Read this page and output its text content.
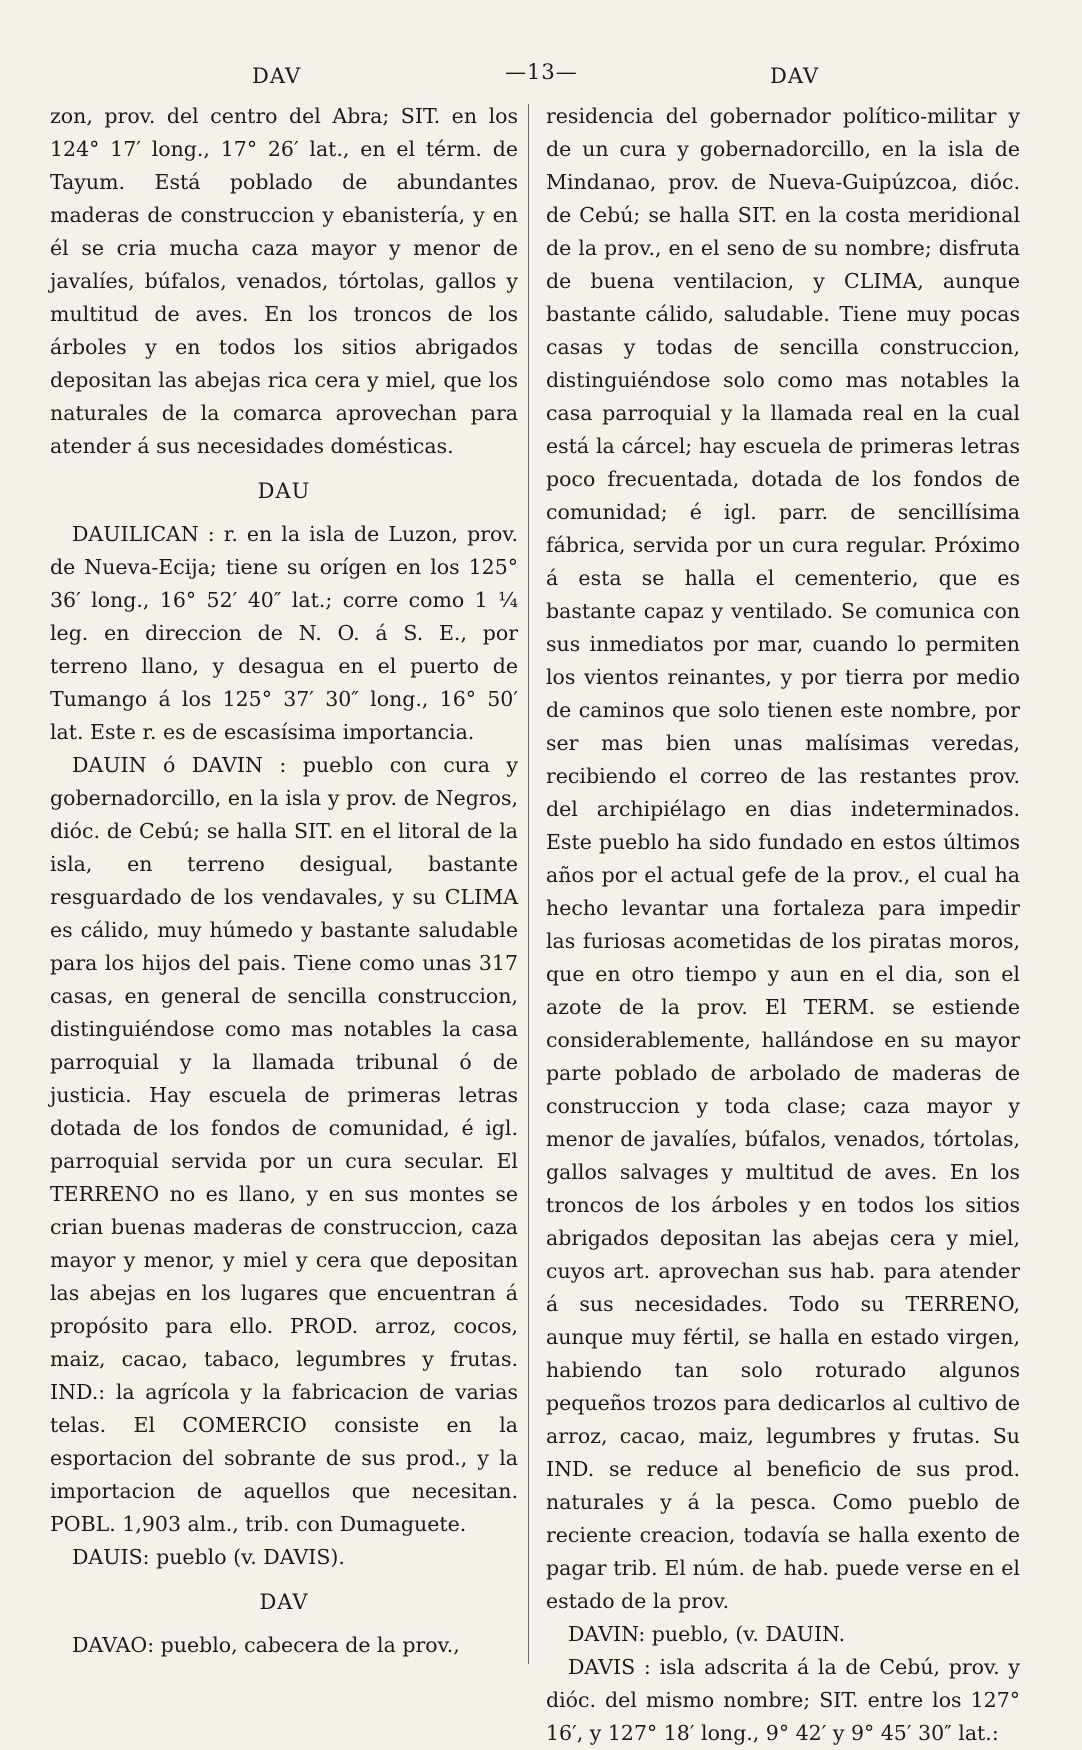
DAV	—13—	DAV

zon, prov. del centro del Abra; SIT. en los 124° 17′ long., 17° 26′ lat., en el térm. de Tayum. Está poblado de abundantes maderas de construccion y ebanistería, y en él se cria mucha caza mayor y menor de javalíes, búfalos, venados, tórtolas, gallos y multitud de aves. En los troncos de los árboles y en todos los sitios abrigados depositan las abejas rica cera y miel, que los naturales de la comarca aprovechan para atender á sus necesidades domésticas.

DAU

DAUILICAN : r. en la isla de Luzon, prov. de Nueva-Ecija; tiene su orígen en los 125° 36′ long., 16° 52′ 40″ lat.; corre como 1 ¼ leg. en direccion de N. O. á S. E., por terreno llano, y desagua en el puerto de Tumango á los 125° 37′ 30″ long., 16° 50′ lat. Este r. es de escasísima importancia.

DAUIN ó DAVIN : pueblo con cura y gobernadorcillo, en la isla y prov. de Negros, dióc. de Cebú; se halla SIT. en el litoral de la isla, en terreno desigual, bastante resguardado de los vendavales, y su CLIMA es cálido, muy húmedo y bastante saludable para los hijos del pais. Tiene como unas 317 casas, en general de sencilla construccion, distinguiéndose como mas notables la casa parroquial y la llamada tribunal ó de justicia. Hay escuela de primeras letras dotada de los fondos de comunidad, é igl. parroquial servida por un cura secular. El TERRENO no es llano, y en sus montes se crian buenas maderas de construccion, caza mayor y menor, y miel y cera que depositan las abejas en los lugares que encuentran á propósito para ello. PROD. arroz, cocos, maiz, cacao, tabaco, legumbres y frutas. IND.: la agrícola y la fabricacion de varias telas. El COMERCIO consiste en la esportacion del sobrante de sus prod., y la importacion de aquellos que necesitan. POBL. 1,903 alm., trib. con Dumaguete.

DAUIS: pueblo (v. DAVIS).

DAV

DAVAO: pueblo, cabecera de la prov.,

residencia del gobernador político-militar y de un cura y gobernadorcillo, en la isla de Mindanao, prov. de Nueva-Guipúzcoa, dióc. de Cebú; se halla SIT. en la costa meridional de la prov., en el seno de su nombre; disfruta de buena ventilacion, y CLIMA, aunque bastante cálido, saludable. Tiene muy pocas casas y todas de sencilla construccion, distinguiéndose solo como mas notables la casa parroquial y la llamada real en la cual está la cárcel; hay escuela de primeras letras poco frecuentada, dotada de los fondos de comunidad; é igl. parr. de sencillísima fábrica, servida por un cura regular. Próximo á esta se halla el cementerio, que es bastante capaz y ventilado. Se comunica con sus inmediatos por mar, cuando lo permiten los vientos reinantes, y por tierra por medio de caminos que solo tienen este nombre, por ser mas bien unas malísimas veredas, recibiendo el correo de las restantes prov. del archipiélago en dias indeterminados. Este pueblo ha sido fundado en estos últimos años por el actual gefe de la prov., el cual ha hecho levantar una fortaleza para impedir las furiosas acometidas de los piratas moros, que en otro tiempo y aun en el dia, son el azote de la prov. El TERM. se estiende considerablemente, hallándose en su mayor parte poblado de arbolado de maderas de construccion y toda clase; caza mayor y menor de javalíes, búfalos, venados, tórtolas, gallos salvages y multitud de aves. En los troncos de los árboles y en todos los sitios abrigados depositan las abejas cera y miel, cuyos art. aprovechan sus hab. para atender á sus necesidades. Todo su TERRENO, aunque muy fértil, se halla en estado virgen, habiendo tan solo roturado algunos pequeños trozos para dedicarlos al cultivo de arroz, cacao, maiz, legumbres y frutas. Su IND. se reduce al beneficio de sus prod. naturales y á la pesca. Como pueblo de reciente creacion, todavía se halla exento de pagar trib. El núm. de hab. puede verse en el estado de la prov.

DAVIN: pueblo, (v. DAUIN.

DAVIS : isla adscrita á la de Cebú, prov. y dióc. del mismo nombre; SIT. entre los 127° 16′, y 127° 18′ long., 9° 42′ y 9° 45′ 30″ lat.:
